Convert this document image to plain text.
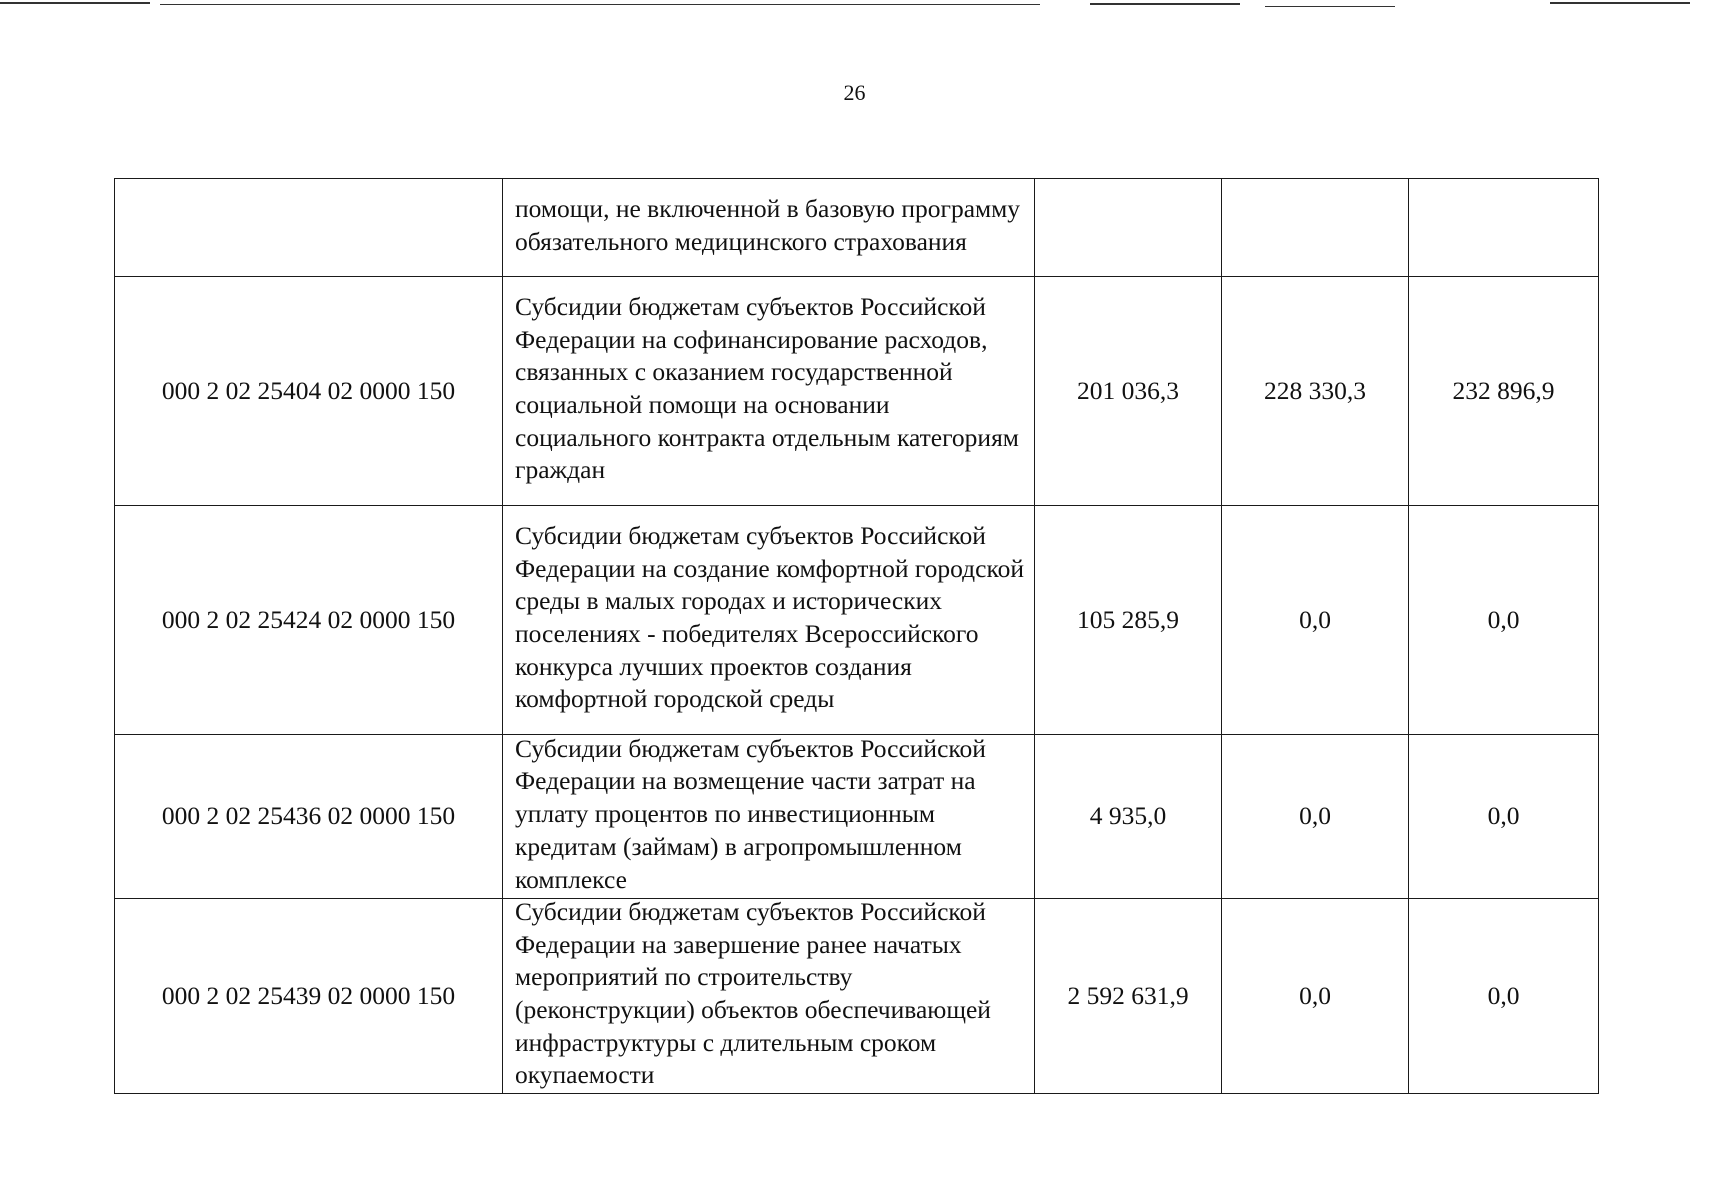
26

	помощи, не включенной в базовую программу обязательного медицинского страхования			

000 2 02 25404 02 0000 150	Субсидии бюджетам субъектов Российской Федерации на софинансирование расходов, связанных с оказанием государственной социальной помощи на основании социального контракта отдельным категориям граждан	201 036,3	228 330,3	232 896,9
000 2 02 25424 02 0000 150	Субсидии бюджетам субъектов Российской Федерации на создание комфортной городской среды в малых городах и исторических поселениях - победителях Всероссийского конкурса лучших проектов создания комфортной городской среды	105 285,9	0,0	0,0
000 2 02 25436 02 0000 150	Субсидии бюджетам субъектов Российской Федерации на возмещение части затрат на уплату процентов по инвестиционным кредитам (займам) в агропромышленном комплексе	4 935,0	0,0	0,0
000 2 02 25439 02 0000 150	Субсидии бюджетам субъектов Российской Федерации на завершение ранее начатых мероприятий по строительству (реконструкции) объектов обеспечивающей инфраструктуры с длительным сроком окупаемости	2 592 631,9	0,0	0,0
